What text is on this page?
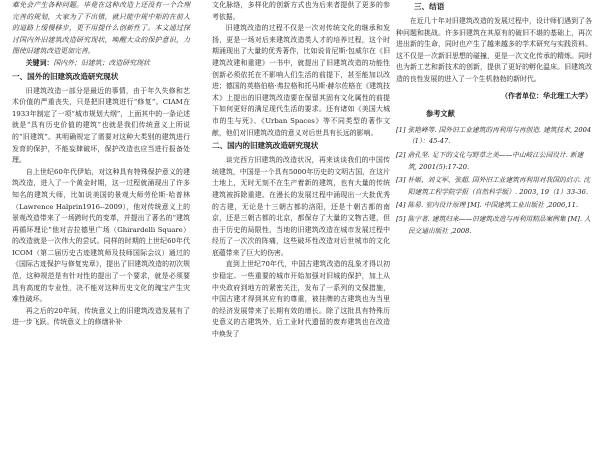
难免会产生各种问题。毕竟在这种改造上还没有一个合理完善的规划，大家为了不出错，就只能中规中矩的在前人的道路上缓慢移步，更不用提什么创新性了。本文通过探讨国内外旧建筑改造研究现状，唤醒大众的保护意识，力图使旧建筑改造更加完善。

关键词：国内外；旧建筑；改造研究现状

一、国外的旧建筑改造研究现状

旧建筑改造一部分是最近的事情，由于年久失修和艺术价值的严重丧失，只是把旧建筑进行“修复”。CIAM在1933年制定了一项“城市规划大纲”，上面其中的一条论述就是“具有历史价值的建筑”也就是我们传统意义上所说的“旧建筑”。其明确规定了需要对这种大类别的建筑进行发育的保护，不能妄肆破坏，保护改造也应当进行报备处理。

自上世纪60年代伊始，对这种具有特殊保护意义的建筑改造，进入了一个黄金时期，这一过程就涌现出了许多知名的建筑大师，比如说美国的景观大师劳伦斯·哈普林（Lawrence Halprin1916--2009），他对传统意义上的景观改造带来了一场跨时代的变革，并提出了著名的“建筑再循环理论”他对吉拉德里广场（Ghirardelli Square）的改造就是一次伟大的尝试。同样的时期的上世纪60年代ICOM（第二届历史古迹建筑师及技师国际会议）通过的《国际古迹保护与修复宪章》，提出了旧建筑改造的初次规范，这种规范是有针对性的提出了一个要求，就是必须要具有高度的专业性，决不能对这种历史文化的瑰宝产生灾难性破坏。

再之后的20年间，传统意义上的旧建筑改造发展有了进一步飞跃。传统意义上的修缮补补

文化脉络，多样化的创新方式也为后来者提供了更多的参考依据。

旧建筑改造的过程不仅是一次对传统文化的继承和发扬，更是一场对后来建筑改造类人才的培养过程，这个时期涌现出了大量的优秀著作，比如说肯尼斯·包威尔在《旧建筑改建和重建》一书中，就提出了旧建筑改造的功能性创新必须依托在不影响人们生活的前提下，甚至能加以改进；德国的英格伯格·弗拉格和托马斯·赫尔佐格在《建筑技术》上提出的旧建筑改造要在保留其固有文化属性的前提下如何更好的满足现代生活的要求。还有诸如《美国大城市的生与死》、《Urban Spaces》等不同类型的著作文献，他们对旧建筑改造的意义对后世具有长远的影响。

二、国内的旧建筑改造研究现状

谈完西方旧建筑的改造状况，再来谈谈我们的中国传统建筑，中国是一个具有5000年历史的文明古国，在这片土地上，无时无刻不在生产着新的建筑，也有大量的传统建筑被拆除重建。在漫长的发展过程中涌现出一大批优秀的古建，无论是十三朝古都的洛阳，还是十朝古都的南京，还是三朝古都的北京，都保存了大量的文物古建，但由于历史的局限性，当地的旧建筑改造在城市发展过程中经历了一次次的阵痛，这些破坏性改造对后世城市的文化底蕴带来了巨大的伤害。

直到上世纪70年代，中国古建筑改造的乱象才得以初步稳定。一些重要的城市开始加强对旧城的保护，加上从中央政府到地方的紧密关注，发布了一系列的文保措施，中国古建才得到其应有的尊重，被挂牌的古建筑也为当里的经济发展带来了长期有效的增长。除了这批具有特殊历史意义的古建筑外，后工业时代遗留的废弃建筑也在改造中焕发了

三、结语

在近几十年对旧建筑改造的发展过程中，设计师们遇到了各种问题和挑战。许多旧建筑在其原有的破旧不堪的基础上，再次进出新的生命，同时也产生了越来越多的学术研究与实践资料。这不仅是一次新旧思想的碰撞，更是一次文化传承的精炼。同时也为新工艺和新技术的创新，提供了更好的孵化温床。旧建筑改造的良性发展的进入了一个生机勃勃的新时代。

（作者单位：华北理工大学）
参考文献
[1] 张艳峰等. 国外旧工业建筑的再利用与再创造. 建筑技术, 2004（1）：45-47.
[2] 俞孔坚. 足下的文化与野草之美——中山岐江公园设计. 新建筑, 2001(5):17-20.
[3] 朴姬、刘文军、张超. 国外旧工业建筑再利用对我国的启示. 沈阳建筑工程学院学报（自然科学版）. 2003, 19（1）33-36.
[4] 陈易. 室内设计原理 [M]. 中国建筑工业出版社 ,2006,11.
[5] 陈宇著. 建筑归来——旧建筑改造与再利用精品案例集 [M]. 人民交通出版社 ,2008.
